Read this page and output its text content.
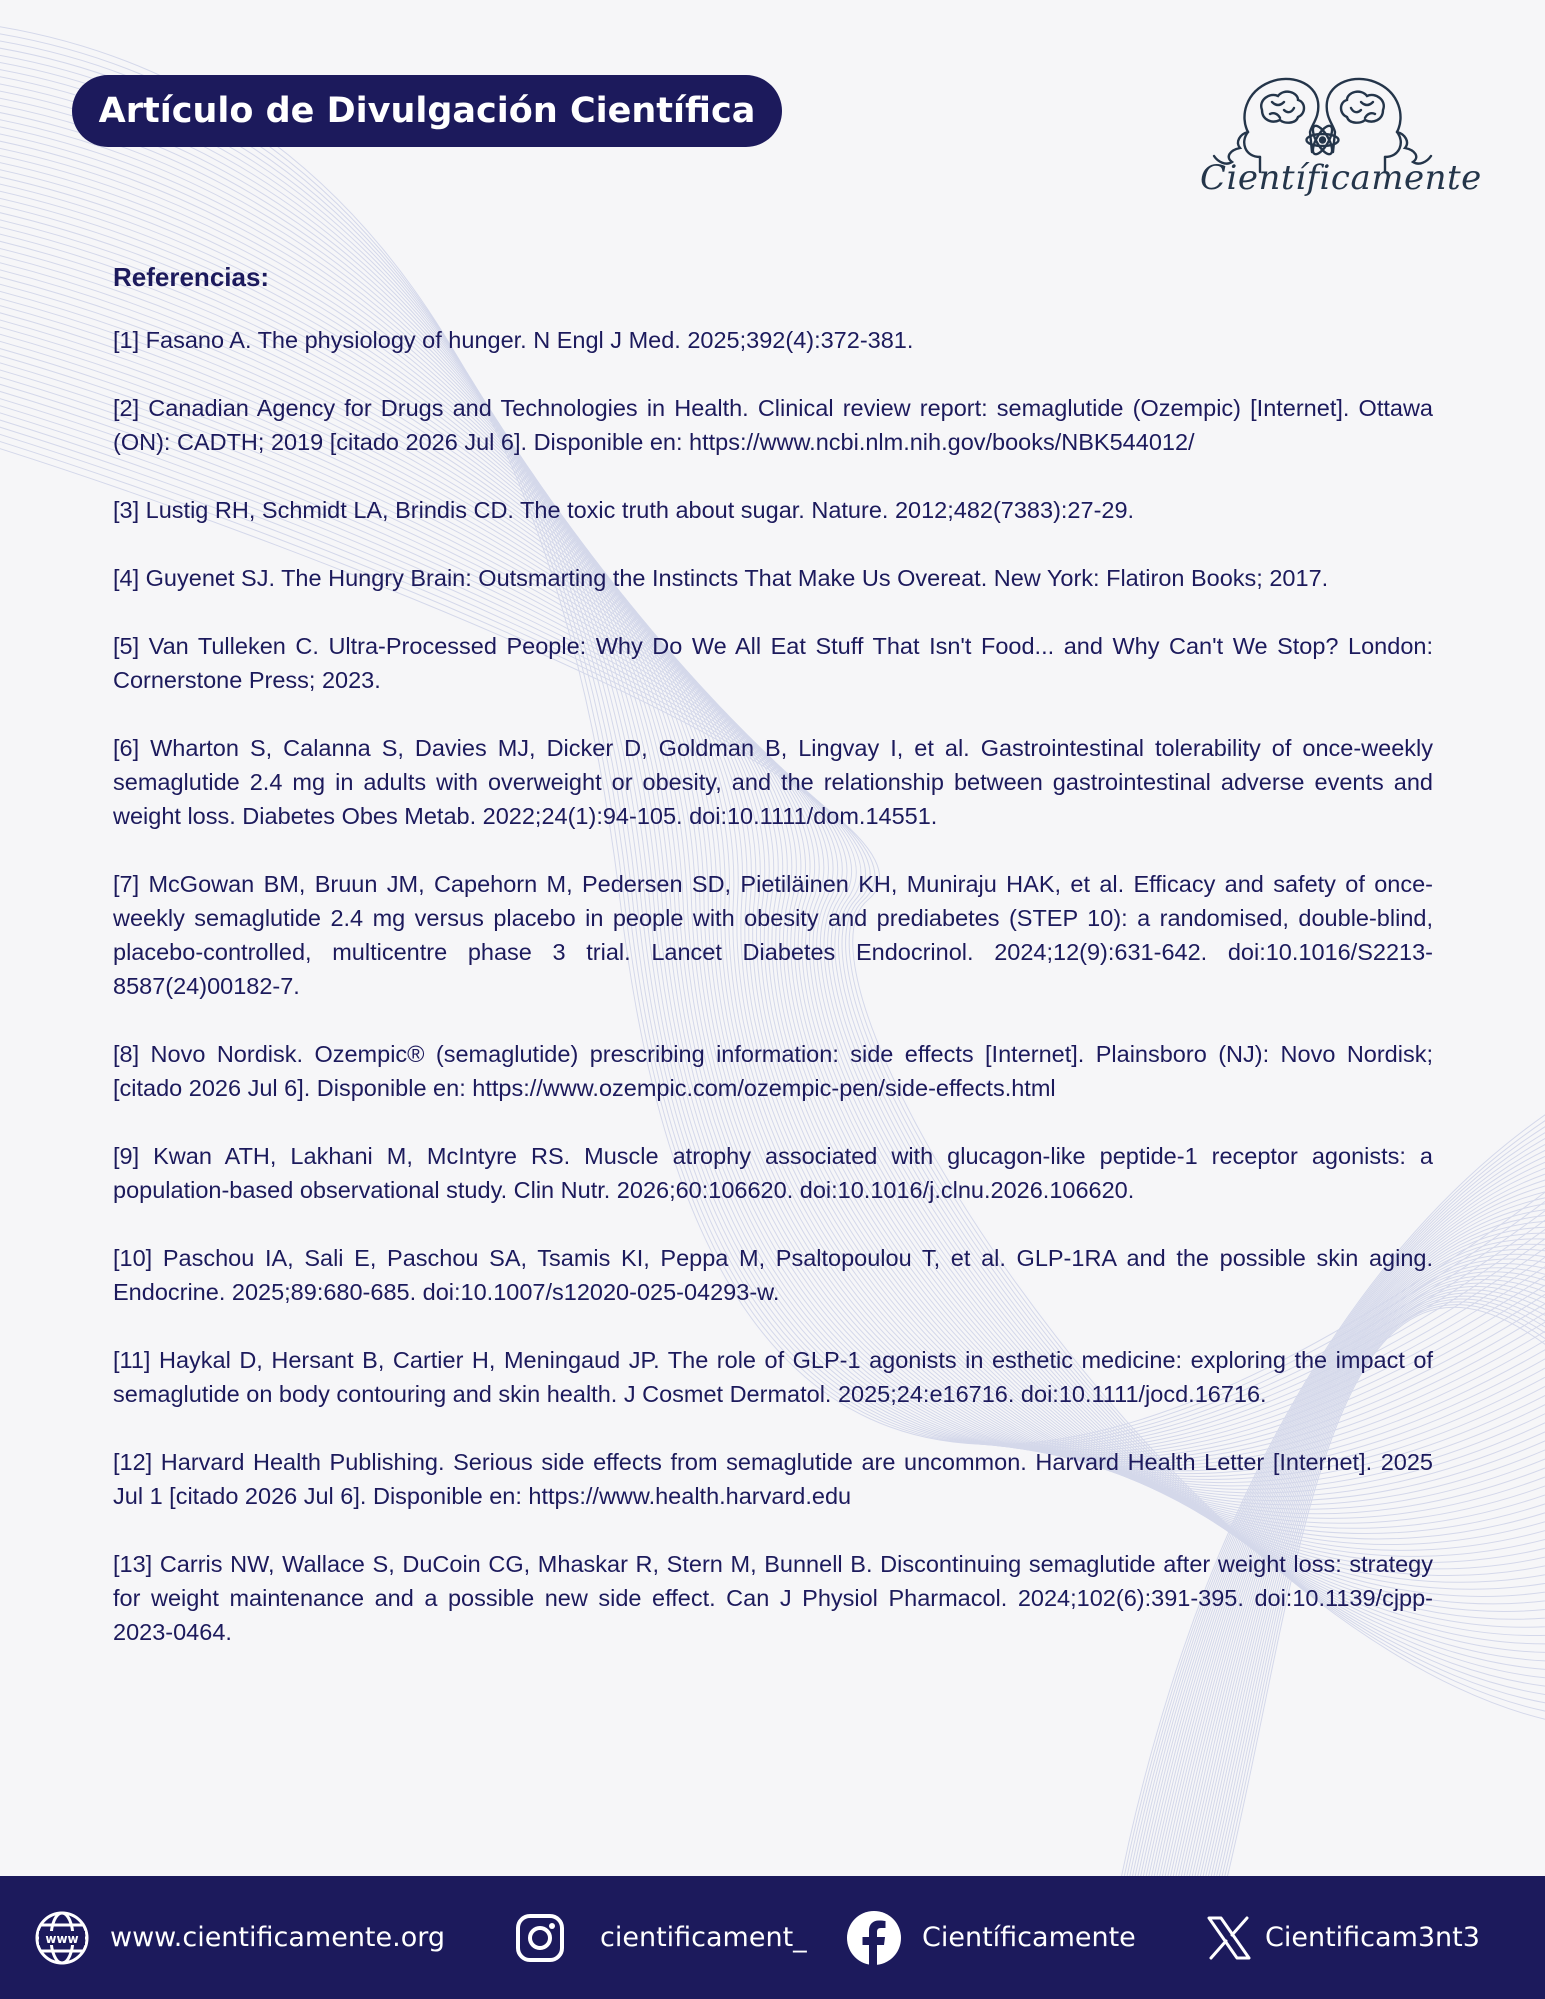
Artículo de Divulgación Científica
Científicamente
Referencias:

[1] Fasano A. The physiology of hunger. N Engl J Med. 2025;392(4):372-381.

[2] Canadian Agency for Drugs and Technologies in Health. Clinical review report: semaglutide (Ozempic) [Internet]. Ottawa (ON): CADTH; 2019 [citado 2026 Jul 6]. Disponible en: https://www.ncbi.nlm.nih.gov/books/NBK544012/

[3] Lustig RH, Schmidt LA, Brindis CD. The toxic truth about sugar. Nature. 2012;482(7383):27-29.

[4] Guyenet SJ. The Hungry Brain: Outsmarting the Instincts That Make Us Overeat. New York: Flatiron Books; 2017.

[5] Van Tulleken C. Ultra-Processed People: Why Do We All Eat Stuff That Isn't Food... and Why Can't We Stop? London: Cornerstone Press; 2023.

[6] Wharton S, Calanna S, Davies MJ, Dicker D, Goldman B, Lingvay I, et al. Gastrointestinal tolerability of once-weekly semaglutide 2.4 mg in adults with overweight or obesity, and the relationship between gastrointestinal adverse events and weight loss. Diabetes Obes Metab. 2022;24(1):94-105. doi:10.1111/dom.14551.

[7] McGowan BM, Bruun JM, Capehorn M, Pedersen SD, Pietiläinen KH, Muniraju HAK, et al. Efficacy and safety of once-weekly semaglutide 2.4 mg versus placebo in people with obesity and prediabetes (STEP 10): a randomised, double-blind, placebo-controlled, multicentre phase 3 trial. Lancet Diabetes Endocrinol. 2024;12(9):631-642. doi:10.1016/S2213-8587(24)00182-7.

[8] Novo Nordisk. Ozempic® (semaglutide) prescribing information: side effects [Internet]. Plainsboro (NJ): Novo Nordisk; [citado 2026 Jul 6]. Disponible en: https://www.ozempic.com/ozempic-pen/side-effects.html

[9] Kwan ATH, Lakhani M, McIntyre RS. Muscle atrophy associated with glucagon-like peptide-1 receptor agonists: a population-based observational study. Clin Nutr. 2026;60:106620. doi:10.1016/j.clnu.2026.106620.

[10] Paschou IA, Sali E, Paschou SA, Tsamis KI, Peppa M, Psaltopoulou T, et al. GLP-1RA and the possible skin aging. Endocrine. 2025;89:680-685. doi:10.1007/s12020-025-04293-w.

[11] Haykal D, Hersant B, Cartier H, Meningaud JP. The role of GLP-1 agonists in esthetic medicine: exploring the impact of semaglutide on body contouring and skin health. J Cosmet Dermatol. 2025;24:e16716. doi:10.1111/jocd.16716.

[12] Harvard Health Publishing. Serious side effects from semaglutide are uncommon. Harvard Health Letter [Internet]. 2025 Jul 1 [citado 2026 Jul 6]. Disponible en: https://www.health.harvard.edu

[13] Carris NW, Wallace S, DuCoin CG, Mhaskar R, Stern M, Bunnell B. Discontinuing semaglutide after weight loss: strategy for weight maintenance and a possible new side effect. Can J Physiol Pharmacol. 2024;102(6):391-395. doi:10.1139/cjpp-2023-0464.

www www.cientificamente.org	cientificament_	Científicamente	Cientificam3nt3
